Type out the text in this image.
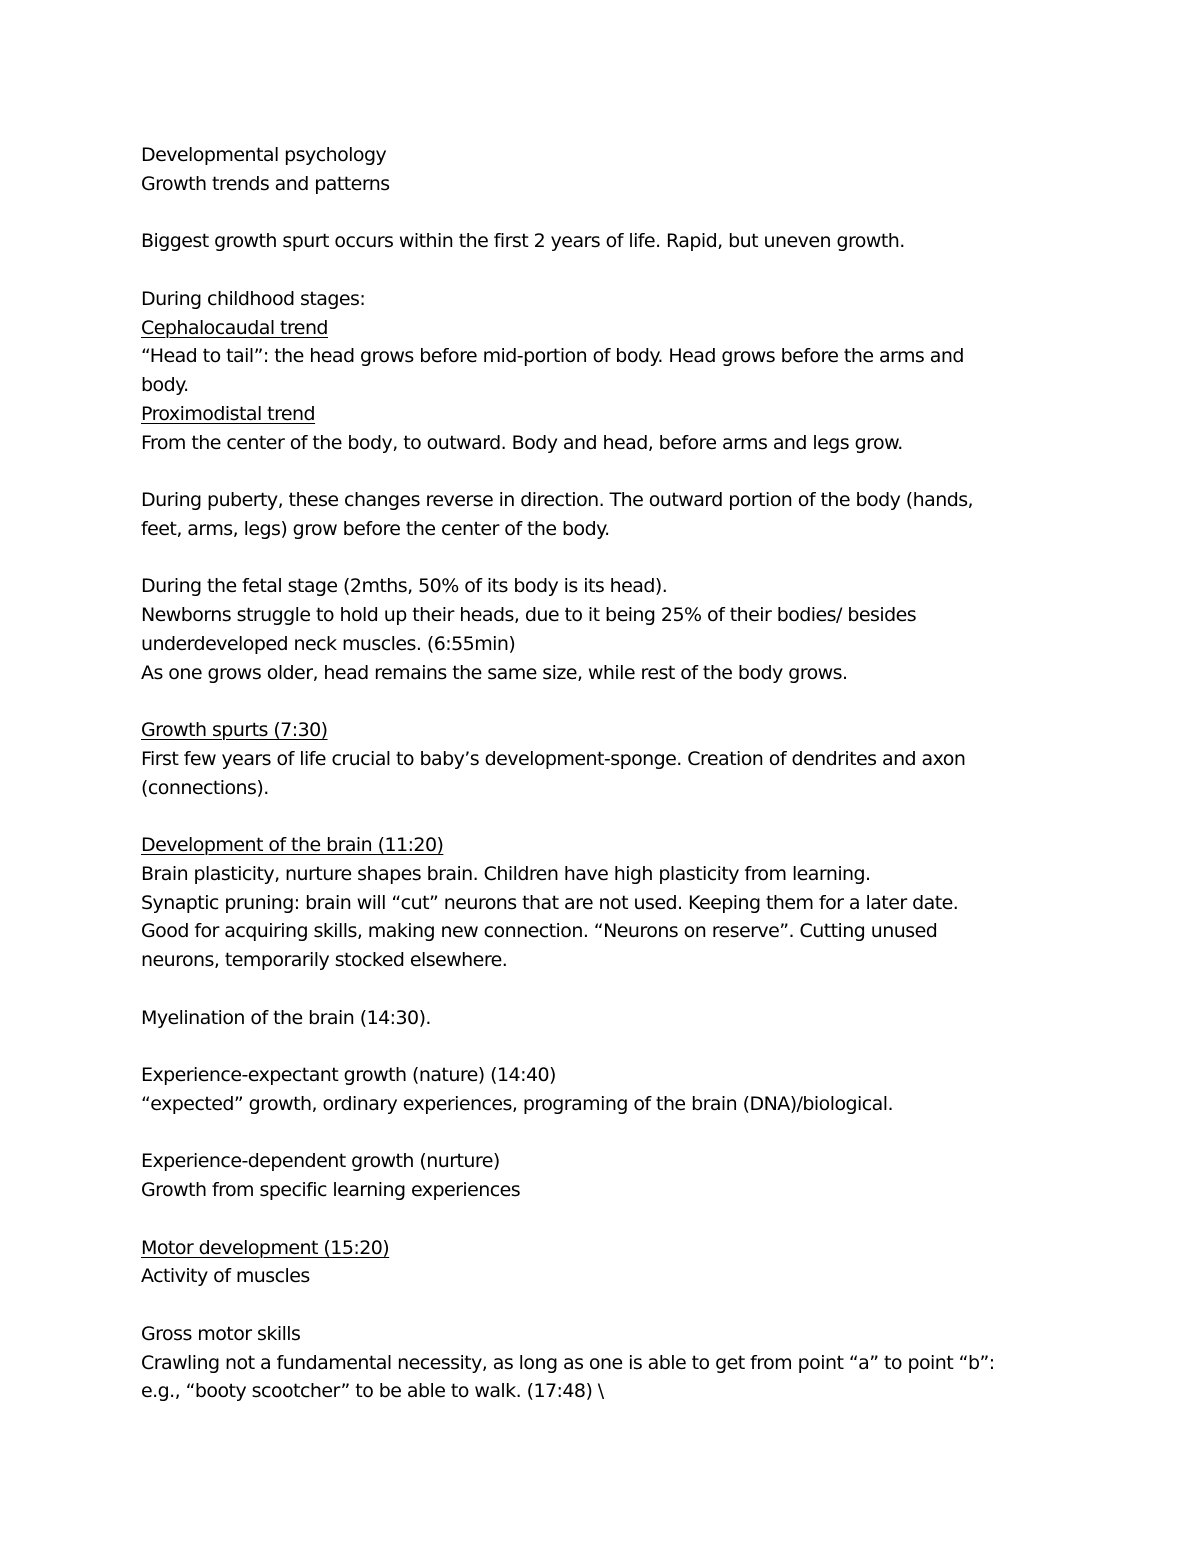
Developmental psychology

Growth trends and patterns

Biggest growth spurt occurs within the first 2 years of life. Rapid, but uneven growth.

During childhood stages:

Cephalocaudal trend

“Head to tail”: the head grows before mid-portion of body. Head grows before the arms and

body.

Proximodistal trend

From the center of the body, to outward. Body and head, before arms and legs grow.

During puberty, these changes reverse in direction. The outward portion of the body (hands,

feet, arms, legs) grow before the center of the body.

During the fetal stage (2mths, 50% of its body is its head).

Newborns struggle to hold up their heads, due to it being 25% of their bodies/ besides

underdeveloped neck muscles. (6:55min)

As one grows older, head remains the same size, while rest of the body grows.

Growth spurts (7:30)

First few years of life crucial to baby’s development-sponge. Creation of dendrites and axon

(connections).

Development of the brain (11:20)

Brain plasticity, nurture shapes brain. Children have high plasticity from learning.

Synaptic pruning: brain will “cut” neurons that are not used. Keeping them for a later date.

Good for acquiring skills, making new connection. “Neurons on reserve”. Cutting unused

neurons, temporarily stocked elsewhere.

Myelination of the brain (14:30).

Experience-expectant growth (nature) (14:40)

“expected” growth, ordinary experiences, programing of the brain (DNA)/biological.

Experience-dependent growth (nurture)

Growth from specific learning experiences

Motor development (15:20)

Activity of muscles

Gross motor skills

Crawling not a fundamental necessity, as long as one is able to get from point “a” to point “b”:

e.g., “booty scootcher” to be able to walk. (17:48) \
